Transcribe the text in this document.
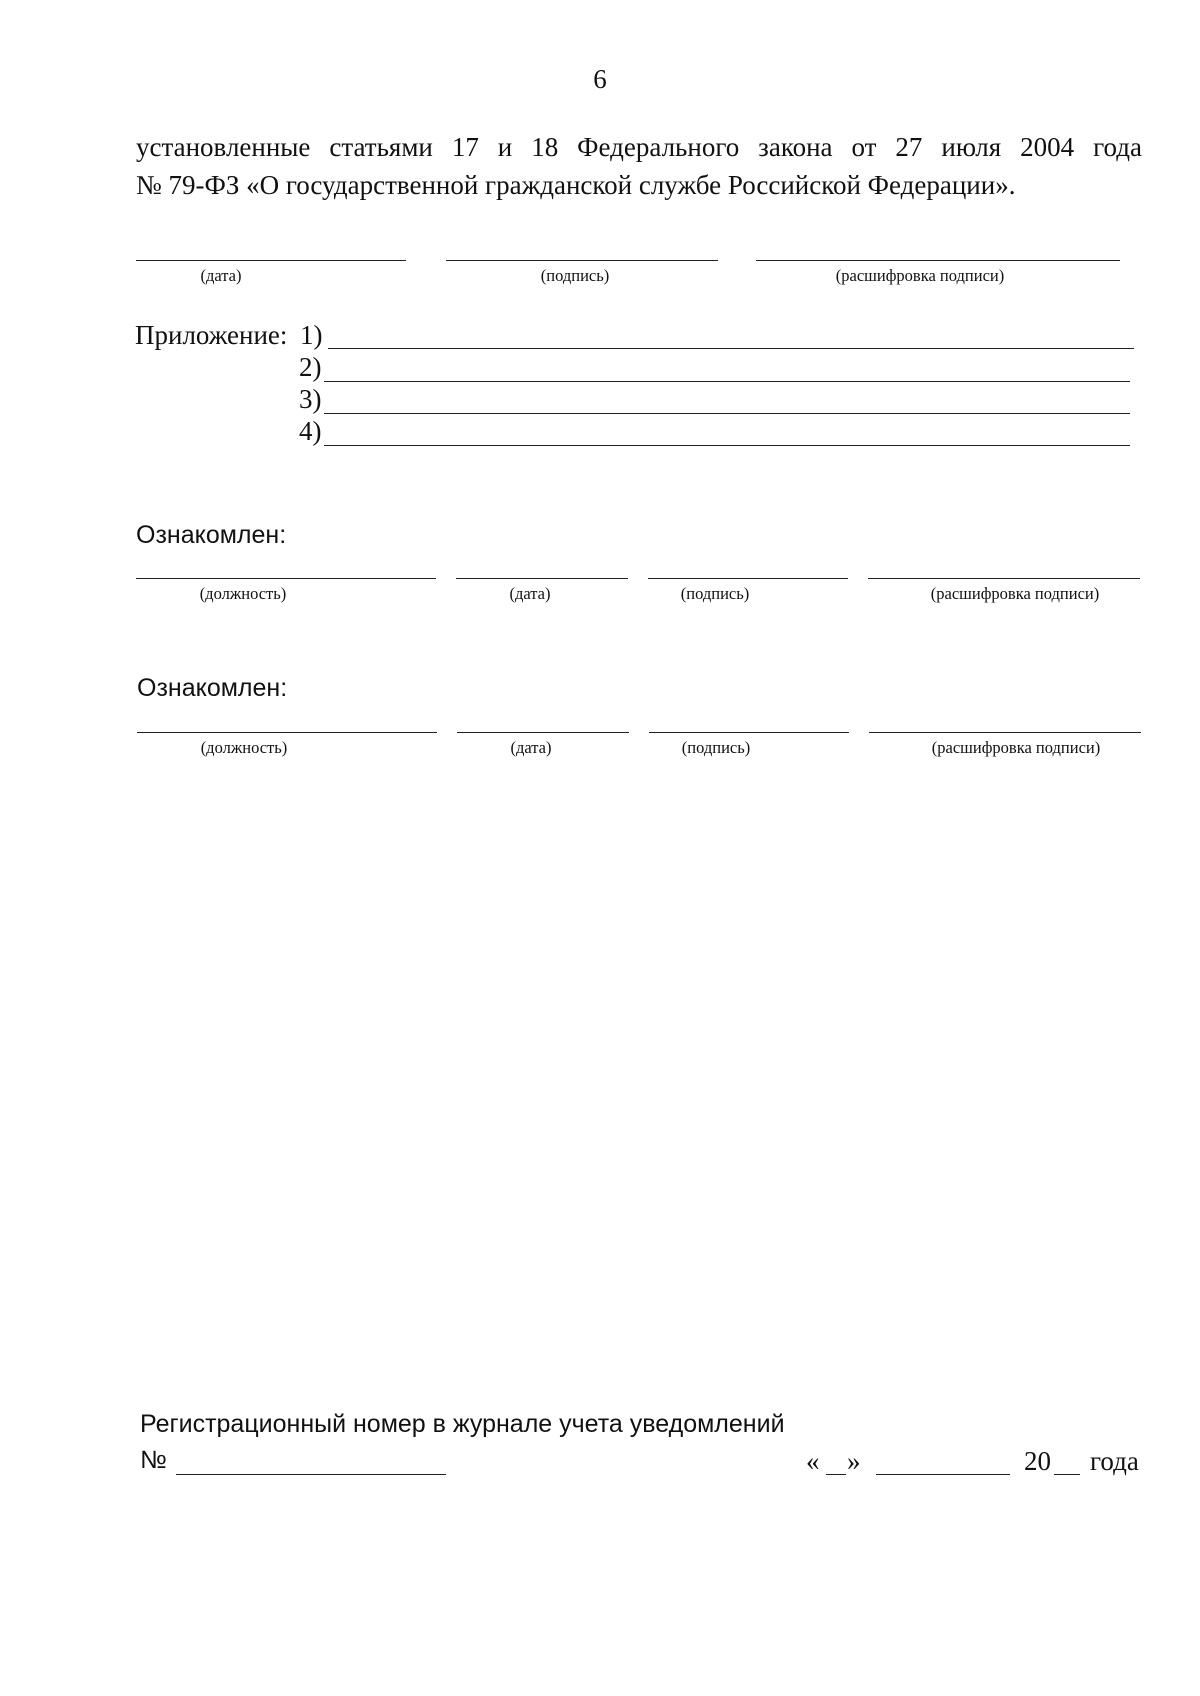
6
установленные статьями 17 и 18 Федерального закона от 27 июля 2004 года
№ 79-ФЗ «О государственной гражданской службе Российской Федерации».
(дата)	(подпись)	(расшифровка подписи)
Приложение: 1)
2)
3)
4)
Ознакомлен:
(должность)	(дата)	(подпись)	(расшифровка подписи)
Ознакомлен:
(должность)	(дата)	(подпись)	(расшифровка подписи)
Регистрационный номер в журнале учета уведомлений
№	« »	20 года
